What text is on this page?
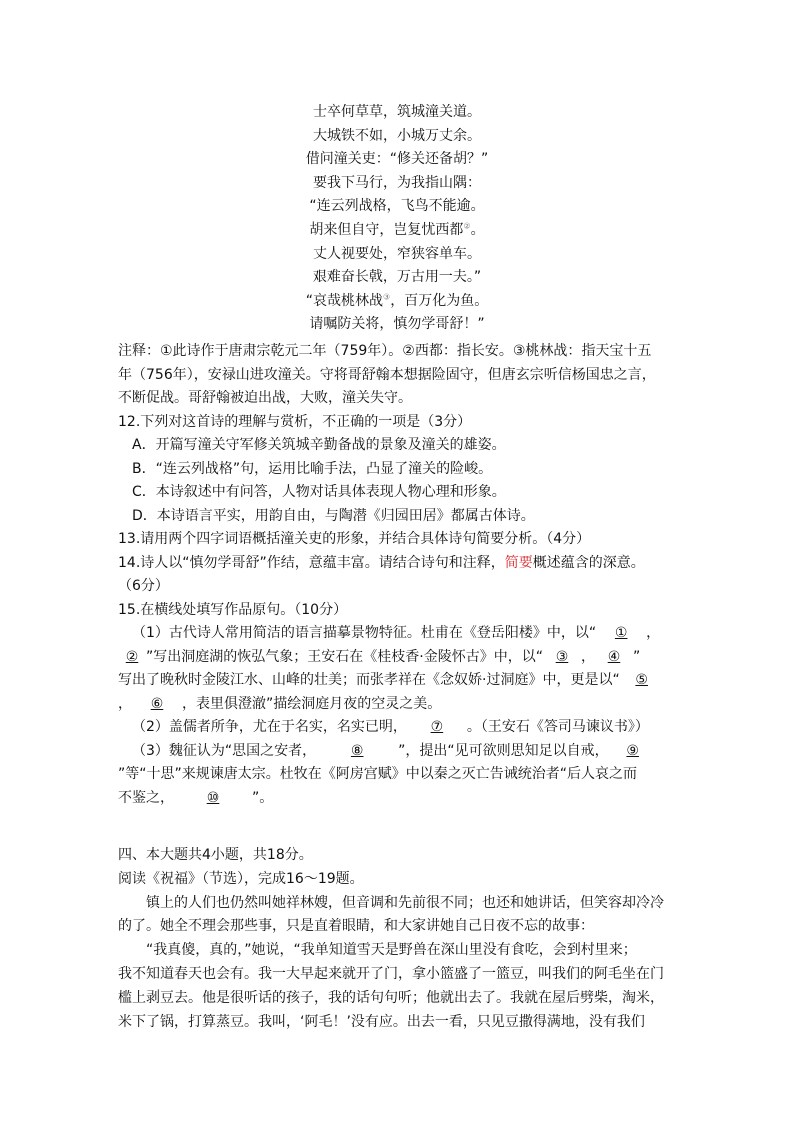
士卒何草草，筑城潼关道。
大城铁不如，小城万丈余。
借问潼关吏：“修关还备胡？”
要我下马行，为我指山隅：
“连云列战格，飞鸟不能逾。
胡来但自守，岂复忧西都②。
丈人视要处，窄狭容单车。
艰难奋长戟，万古用一夫。”
“哀哉桃林战③，百万化为鱼。
请嘱防关将，慎勿学哥舒！”
注释：①此诗作于唐肃宗乾元二年（759年）。②西都：指长安。③桃林战：指天宝十五
年（756年），安禄山进攻潼关。守将哥舒翰本想据险固守，但唐玄宗听信杨国忠之言，
不断促战。哥舒翰被迫出战，大败，潼关失守。
12.下列对这首诗的理解与赏析，不正确的一项是（3分）
A．开篇写潼关守军修关筑城辛勤备战的景象及潼关的雄姿。
B．“连云列战格”句，运用比喻手法，凸显了潼关的险峻。
C．本诗叙述中有问答，人物对话具体表现人物心理和形象。
D．本诗语言平实，用韵自由，与陶潜《归园田居》都属古体诗。
13.请用两个四字词语概括潼关吏的形象，并结合具体诗句简要分析。（4分）
14.诗人以“慎勿学哥舒”作结，意蕴丰富。请结合诗句和注释，简要概述蕴含的深意。
（6分）
15.在横线处填写作品原句。（10分）
（1）古代诗人常用简洁的语言描摹景物特征。杜甫在《登岳阳楼》中，以“ ① ，
② ”写出洞庭湖的恢弘气象；王安石在《桂枝香·金陵怀古》中，以“ ③ ， ④ ”
写出了晚秋时金陵江水、山峰的壮美；而张孝祥在《念奴娇·过洞庭》中，更是以“ ⑤
， ⑥ ，表里俱澄澈”描绘洞庭月夜的空灵之美。
（2）盖儒者所争，尤在于名实，名实已明， ⑦ 。（王安石《答司马谏议书》）
（3）魏征认为“思国之安者， ⑧ ”，提出“见可欲则思知足以自戒， ⑨
”等“十思”来规谏唐太宗。杜牧在《阿房宫赋》中以秦之灭亡告诫统治者“后人哀之而
不鉴之， ⑩ ”。
四、本大题共4小题，共18分。
阅读《祝福》（节选），完成16～19题。
镇上的人们也仍然叫她祥林嫂，但音调和先前很不同；也还和她讲话，但笑容却冷冷
的了。她全不理会那些事，只是直着眼睛，和大家讲她自己日夜不忘的故事：
“我真傻，真的，”她说，“我单知道雪天是野兽在深山里没有食吃，会到村里来；
我不知道春天也会有。我一大早起来就开了门，拿小篮盛了一篮豆，叫我们的阿毛坐在门
槛上剥豆去。他是很听话的孩子，我的话句句听；他就出去了。我就在屋后劈柴，淘米，
米下了锅，打算蒸豆。我叫，‘阿毛！’没有应。出去一看，只见豆撒得满地，没有我们
